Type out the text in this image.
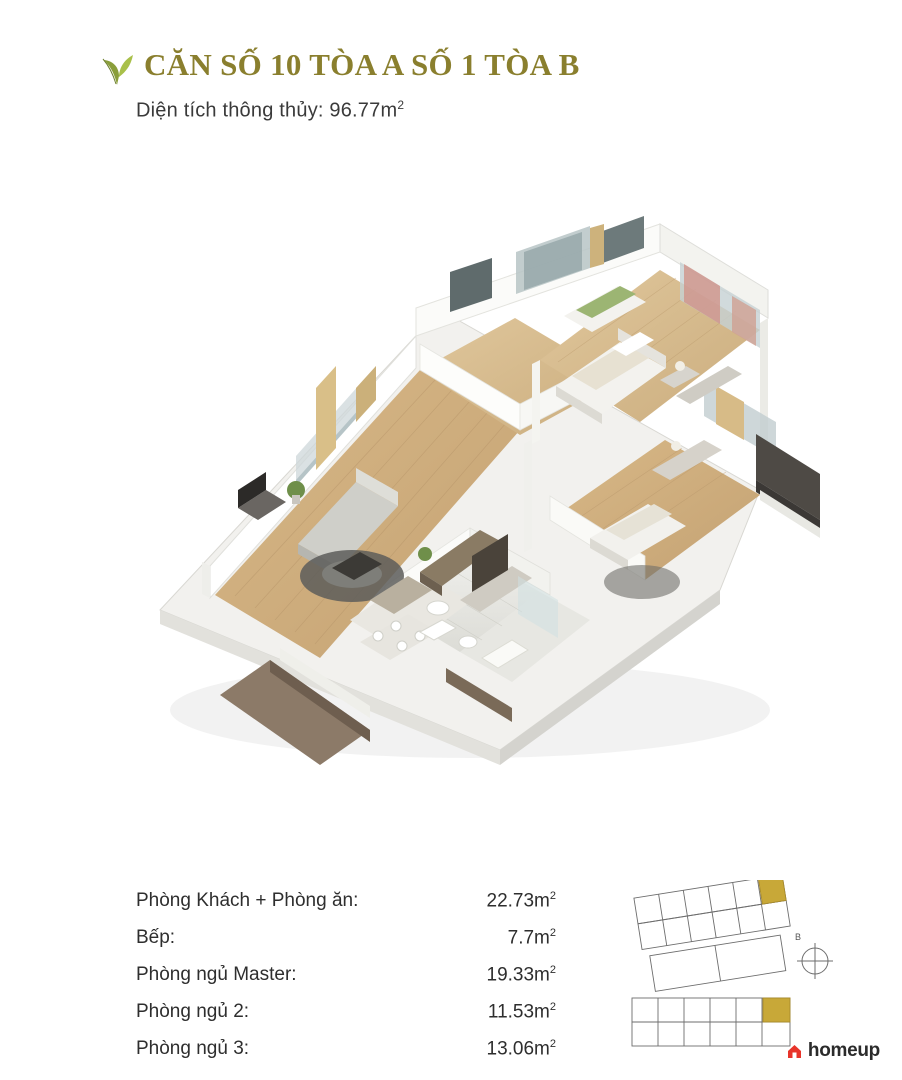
CĂN SỐ 10 TÒA A SỐ 1 TÒA B
Diện tích thông thủy: $96.77m^2$
Phòng Khách + Phòng ăn:	$22.73m^2$
Bếp:	$7.7m^2$
Phòng ngủ Master:	$19.33m^2$
Phòng ngủ 2:	$11.53m^2$
Phòng ngủ 3:	$13.06m^2$
B
homeup
